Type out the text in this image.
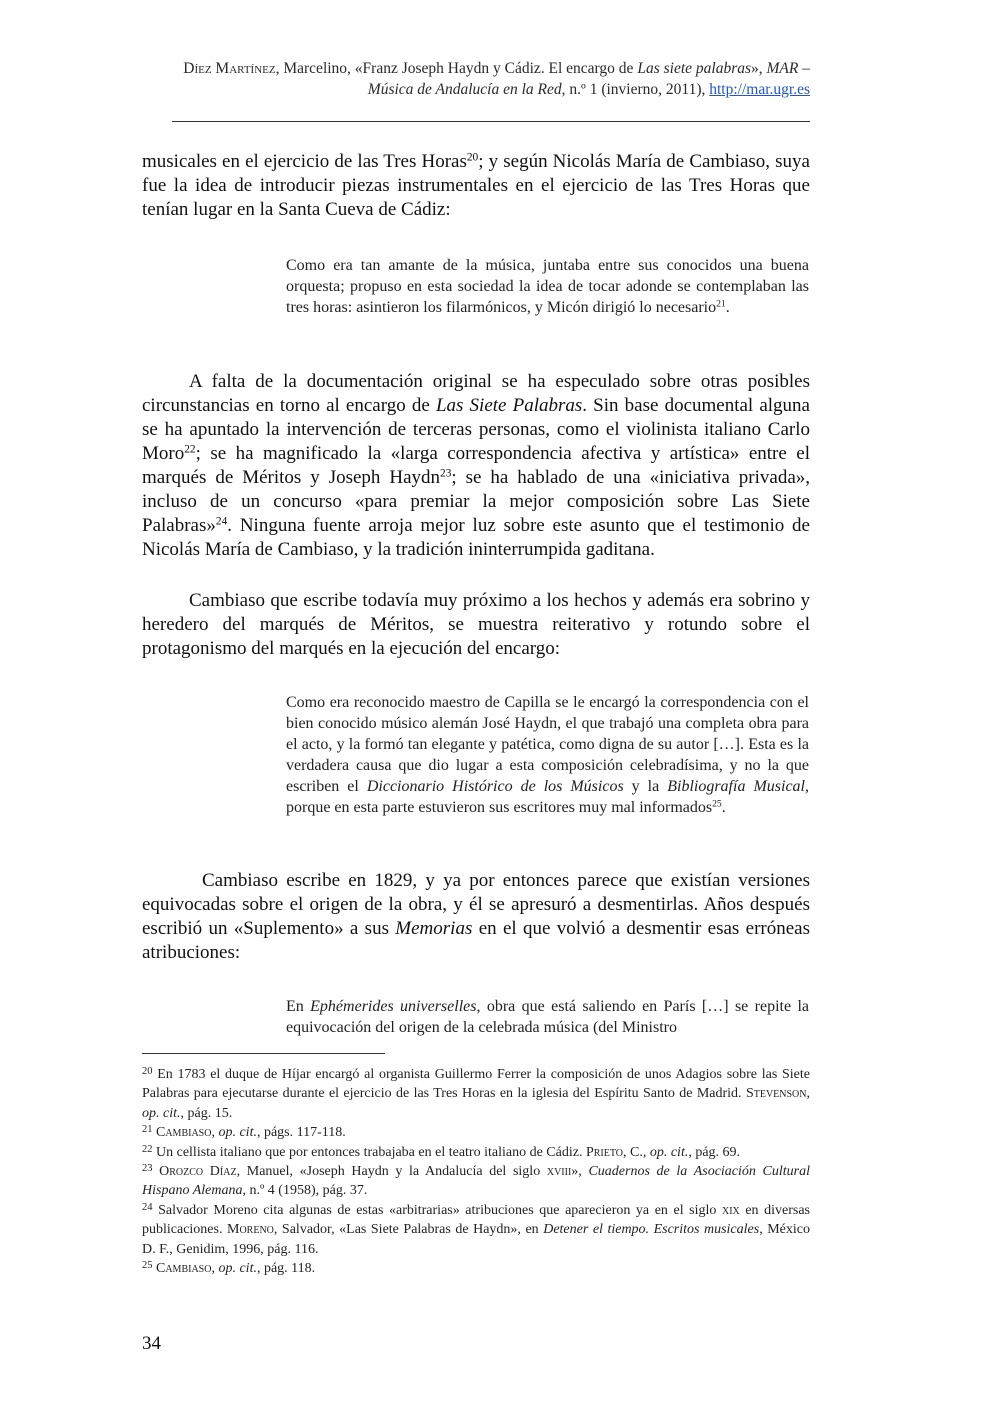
Díez Martínez, Marcelino, «Franz Joseph Haydn y Cádiz. El encargo de Las siete palabras», MAR – Música de Andalucía en la Red, n.º 1 (invierno, 2011), http://mar.ugr.es

musicales en el ejercicio de las Tres Horas$^{20}$; y según Nicolás María de Cambiaso, suya fue la idea de introducir piezas instrumentales en el ejercicio de las Tres Horas que tenían lugar en la Santa Cueva de Cádiz:

Como era tan amante de la música, juntaba entre sus conocidos una buena orquesta; propuso en esta sociedad la idea de tocar adonde se contemplaban las tres horas: asintieron los filarmónicos, y Micón dirigió lo necesario$^{21}$.

A falta de la documentación original se ha especulado sobre otras posibles circunstancias en torno al encargo de Las Siete Palabras. Sin base documental alguna se ha apuntado la intervención de terceras personas, como el violinista italiano Carlo Moro$^{22}$; se ha magnificado la «larga correspondencia afectiva y artística» entre el marqués de Méritos y Joseph Haydn$^{23}$; se ha hablado de una «iniciativa privada», incluso de un concurso «para premiar la mejor composición sobre Las Siete Palabras»$^{24}$. Ninguna fuente arroja mejor luz sobre este asunto que el testimonio de Nicolás María de Cambiaso, y la tradición ininterrumpida gaditana.

Cambiaso que escribe todavía muy próximo a los hechos y además era sobrino y heredero del marqués de Méritos, se muestra reiterativo y rotundo sobre el protagonismo del marqués en la ejecución del encargo:

Como era reconocido maestro de Capilla se le encargó la correspondencia con el bien conocido músico alemán José Haydn, el que trabajó una completa obra para el acto, y la formó tan elegante y patética, como digna de su autor […]. Esta es la verdadera causa que dio lugar a esta composición celebradísima, y no la que escriben el Diccionario Histórico de los Músicos y la Bibliografía Musical, porque en esta parte estuvieron sus escritores muy mal informados$^{25}$.

Cambiaso escribe en 1829, y ya por entonces parece que existían versiones equivocadas sobre el origen de la obra, y él se apresuró a desmentirlas. Años después escribió un «Suplemento» a sus Memorias en el que volvió a desmentir esas erróneas atribuciones:

En Ephémerides universelles, obra que está saliendo en París […] se repite la equivocación del origen de la celebrada música (del Ministro

$^{20}$ En 1783 el duque de Híjar encargó al organista Guillermo Ferrer la composición de unos Adagios sobre las Siete Palabras para ejecutarse durante el ejercicio de las Tres Horas en la iglesia del Espíritu Santo de Madrid. Stevenson, op. cit., pág. 15.

$^{21}$ Cambiaso, op. cit., págs. 117-118.

$^{22}$ Un cellista italiano que por entonces trabajaba en el teatro italiano de Cádiz. Prieto, C., op. cit., pág. 69.

$^{23}$ Orozco Díaz, Manuel, «Joseph Haydn y la Andalucía del siglo xviii», Cuadernos de la Asociación Cultural Hispano Alemana, n.º 4 (1958), pág. 37.

$^{24}$ Salvador Moreno cita algunas de estas «arbitrarias» atribuciones que aparecieron ya en el siglo xix en diversas publicaciones. Moreno, Salvador, «Las Siete Palabras de Haydn», en Detener el tiempo. Escritos musicales, México D. F., Genidim, 1996, pág. 116.

$^{25}$ Cambiaso, op. cit., pág. 118.

34
